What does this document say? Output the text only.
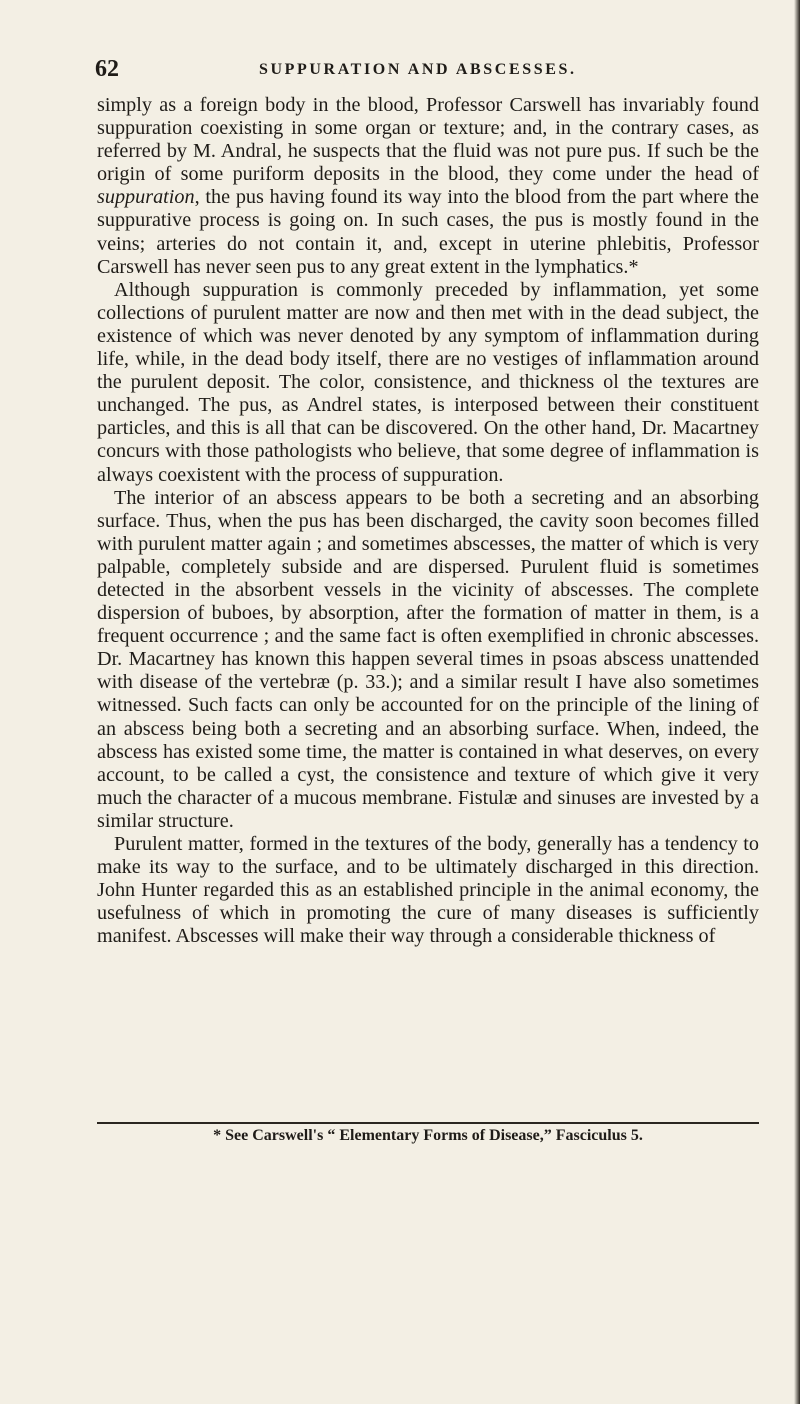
62	SUPPURATION AND ABSCESSES.

simply as a foreign body in the blood, Professor Carswell has invariably found suppuration coexisting in some organ or texture; and, in the contrary cases, as referred by M. Andral, he suspects that the fluid was not pure pus. If such be the origin of some puriform deposits in the blood, they come under the head of suppuration, the pus having found its way into the blood from the part where the suppurative process is going on. In such cases, the pus is mostly found in the veins; arteries do not contain it, and, except in uterine phlebitis, Professor Carswell has never seen pus to any great extent in the lymphatics.*

Although suppuration is commonly preceded by inflammation, yet some collections of purulent matter are now and then met with in the dead subject, the existence of which was never denoted by any symptom of inflammation during life, while, in the dead body itself, there are no vestiges of inflammation around the purulent deposit. The color, consistence, and thickness ol the textures are unchanged. The pus, as Andrel states, is interposed between their constituent particles, and this is all that can be discovered. On the other hand, Dr. Macartney concurs with those pathologists who believe, that some degree of inflammation is always coexistent with the process of suppuration.

The interior of an abscess appears to be both a secreting and an absorbing surface. Thus, when the pus has been discharged, the cavity soon becomes filled with purulent matter again ; and sometimes abscesses, the matter of which is very palpable, completely subside and are dispersed. Purulent fluid is sometimes detected in the absorbent vessels in the vicinity of abscesses. The complete dispersion of buboes, by absorption, after the formation of matter in them, is a frequent occurrence ; and the same fact is often exemplified in chronic abscesses. Dr. Macartney has known this happen several times in psoas abscess unattended with disease of the vertebræ (p. 33.); and a similar result I have also sometimes witnessed. Such facts can only be accounted for on the principle of the lining of an abscess being both a secreting and an absorbing surface. When, indeed, the abscess has existed some time, the matter is contained in what deserves, on every account, to be called a cyst, the consistence and texture of which give it very much the character of a mucous membrane. Fistulæ and sinuses are invested by a similar structure.

Purulent matter, formed in the textures of the body, generally has a tendency to make its way to the surface, and to be ultimately discharged in this direction. John Hunter regarded this as an established principle in the animal economy, the usefulness of which in promoting the cure of many diseases is sufficiently manifest. Abscesses will make their way through a considerable thickness of

* See Carswell's “ Elementary Forms of Disease,” Fasciculus 5.
